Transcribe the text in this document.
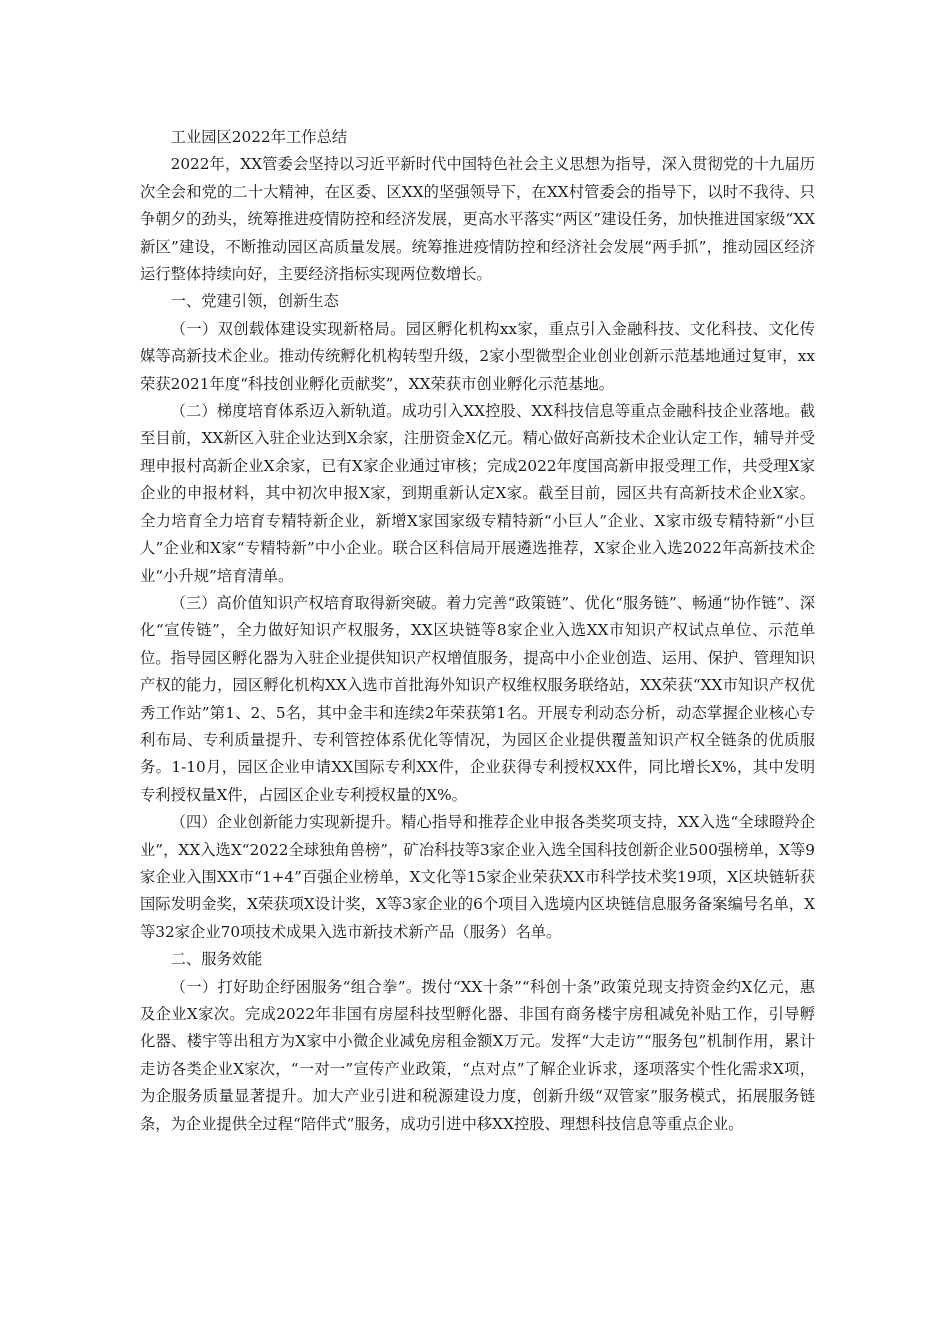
工业园区2022年工作总结

2022年，XX管委会坚持以习近平新时代中国特色社会主义思想为指导，深入贯彻党的十九届历次全会和党的二十大精神，在区委、区XX的坚强领导下，在XX村管委会的指导下，以时不我待、只争朝夕的劲头，统筹推进疫情防控和经济发展，更高水平落实“两区”建设任务，加快推进国家级“XX新区”建设，不断推动园区高质量发展。统筹推进疫情防控和经济社会发展“两手抓”，推动园区经济运行整体持续向好，主要经济指标实现两位数增长。

一、党建引领，创新生态

（一）双创载体建设实现新格局。园区孵化机构xx家，重点引入金融科技、文化科技、文化传媒等高新技术企业。推动传统孵化机构转型升级，2家小型微型企业创业创新示范基地通过复审，xx荣获2021年度“科技创业孵化贡献奖”，XX荣获市创业孵化示范基地。

（二）梯度培育体系迈入新轨道。成功引入XX控股、XX科技信息等重点金融科技企业落地。截至目前，XX新区入驻企业达到X余家，注册资金X亿元。精心做好高新技术企业认定工作，辅导并受理申报村高新企业X余家，已有X家企业通过审核；完成2022年度国高新申报受理工作，共受理X家企业的申报材料，其中初次申报X家，到期重新认定X家。截至目前，园区共有高新技术企业X家。全力培育全力培育专精特新企业，新增X家国家级专精特新“小巨人”企业、X家市级专精特新“小巨人”企业和X家“专精特新”中小企业。联合区科信局开展遴选推荐，X家企业入选2022年高新技术企业“小升规”培育清单。

（三）高价值知识产权培育取得新突破。着力完善“政策链”、优化“服务链”、畅通“协作链”、深化“宣传链”，全力做好知识产权服务，XX区块链等8家企业入选XX市知识产权试点单位、示范单位。指导园区孵化器为入驻企业提供知识产权增值服务，提高中小企业创造、运用、保护、管理知识产权的能力，园区孵化机构XX入选市首批海外知识产权维权服务联络站，XX荣获“XX市知识产权优秀工作站”第1、2、5名，其中金丰和连续2年荣获第1名。开展专利动态分析，动态掌握企业核心专利布局、专利质量提升、专利管控体系优化等情况，为园区企业提供覆盖知识产权全链条的优质服务。1-10月，园区企业申请XX国际专利XX件，企业获得专利授权XX件，同比增长X%，其中发明专利授权量X件，占园区企业专利授权量的X%。

（四）企业创新能力实现新提升。精心指导和推荐企业申报各类奖项支持，XX入选“全球瞪羚企业”，XX入选X“2022全球独角兽榜”，矿冶科技等3家企业入选全国科技创新企业500强榜单，X等9家企业入围XX市“1+4”百强企业榜单，X文化等15家企业荣获XX市科学技术奖19项，X区块链斩获国际发明金奖，X荣获项X设计奖，X等3家企业的6个项目入选境内区块链信息服务备案编号名单，X等32家企业70项技术成果入选市新技术新产品（服务）名单。

二、服务效能

（一）打好助企纾困服务“组合拳”。拨付“XX十条”“科创十条”政策兑现支持资金约X亿元，惠及企业X家次。完成2022年非国有房屋科技型孵化器、非国有商务楼宇房租减免补贴工作，引导孵化器、楼宇等出租方为X家中小微企业减免房租金额X万元。发挥“大走访”“服务包”机制作用，累计走访各类企业X家次，“一对一”宣传产业政策，“点对点”了解企业诉求，逐项落实个性化需求X项，为企服务质量显著提升。加大产业引进和税源建设力度，创新升级“双管家”服务模式，拓展服务链条，为企业提供全过程“陪伴式”服务，成功引进中移XX控股、理想科技信息等重点企业。
